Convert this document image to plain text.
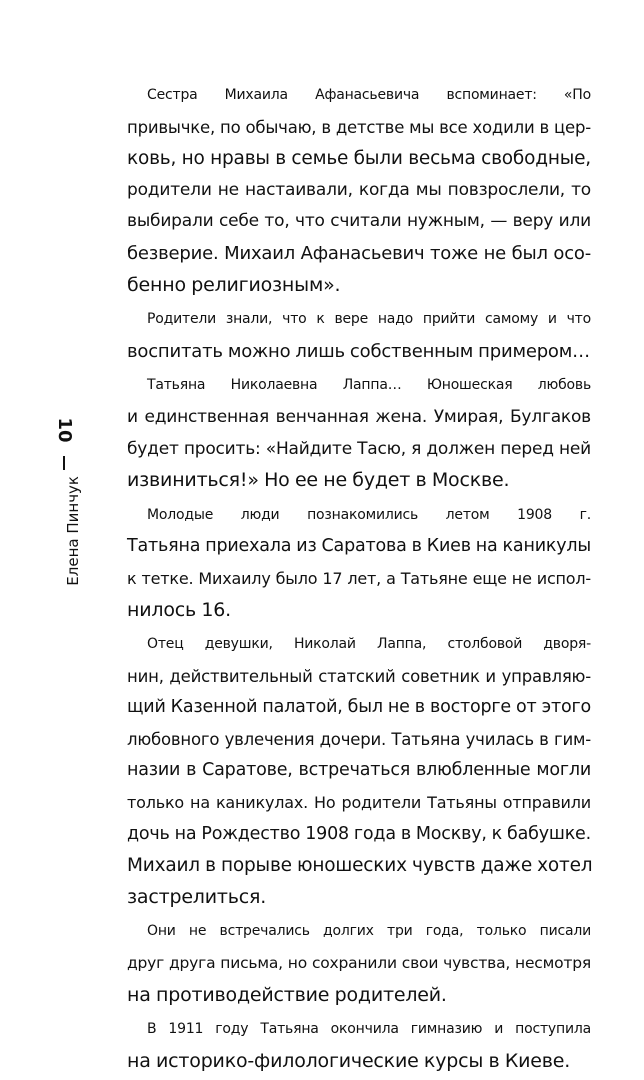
10
Елена Пинчук

Сестра Михаила Афанасьевича вспоминает: «По
привычке, по обычаю, в детстве мы все ходили в цер-
ковь, но нравы в семье были весьма свободные,
родители не настаивали, когда мы повзрослели, то
выбирали себе то, что считали нужным, — веру или
безверие. Михаил Афанасьевич тоже не был осо-
бенно религиозным».

Родители знали, что к вере надо прийти самому и что
воспитать можно лишь собственным примером…

Татьяна Николаевна Лаппа… Юношеская любовь
и единственная венчанная жена. Умирая, Булгаков
будет просить: «Найдите Тасю, я должен перед ней
извиниться!» Но ее не будет в Москве.

Молодые люди познакомились летом 1908 г.
Татьяна приехала из Саратова в Киев на каникулы
к тетке. Михаилу было 17 лет, а Татьяне еще не испол-
нилось 16.

Отец девушки, Николай Лаппа, столбовой дворя-
нин, действительный статский советник и управляю-
щий Казенной палатой, был не в восторге от этого
любовного увлечения дочери. Татьяна училась в гим-
назии в Саратове, встречаться влюбленные могли
только на каникулах. Но родители Татьяны отправили
дочь на Рождество 1908 года в Москву, к бабушке.
Михаил в порыве юношеских чувств даже хотел
застрелиться.

Они не встречались долгих три года, только писали
друг друга письма, но сохранили свои чувства, несмотря
на противодействие родителей.

В 1911 году Татьяна окончила гимназию и поступила
на историко-филологические курсы в Киеве.
